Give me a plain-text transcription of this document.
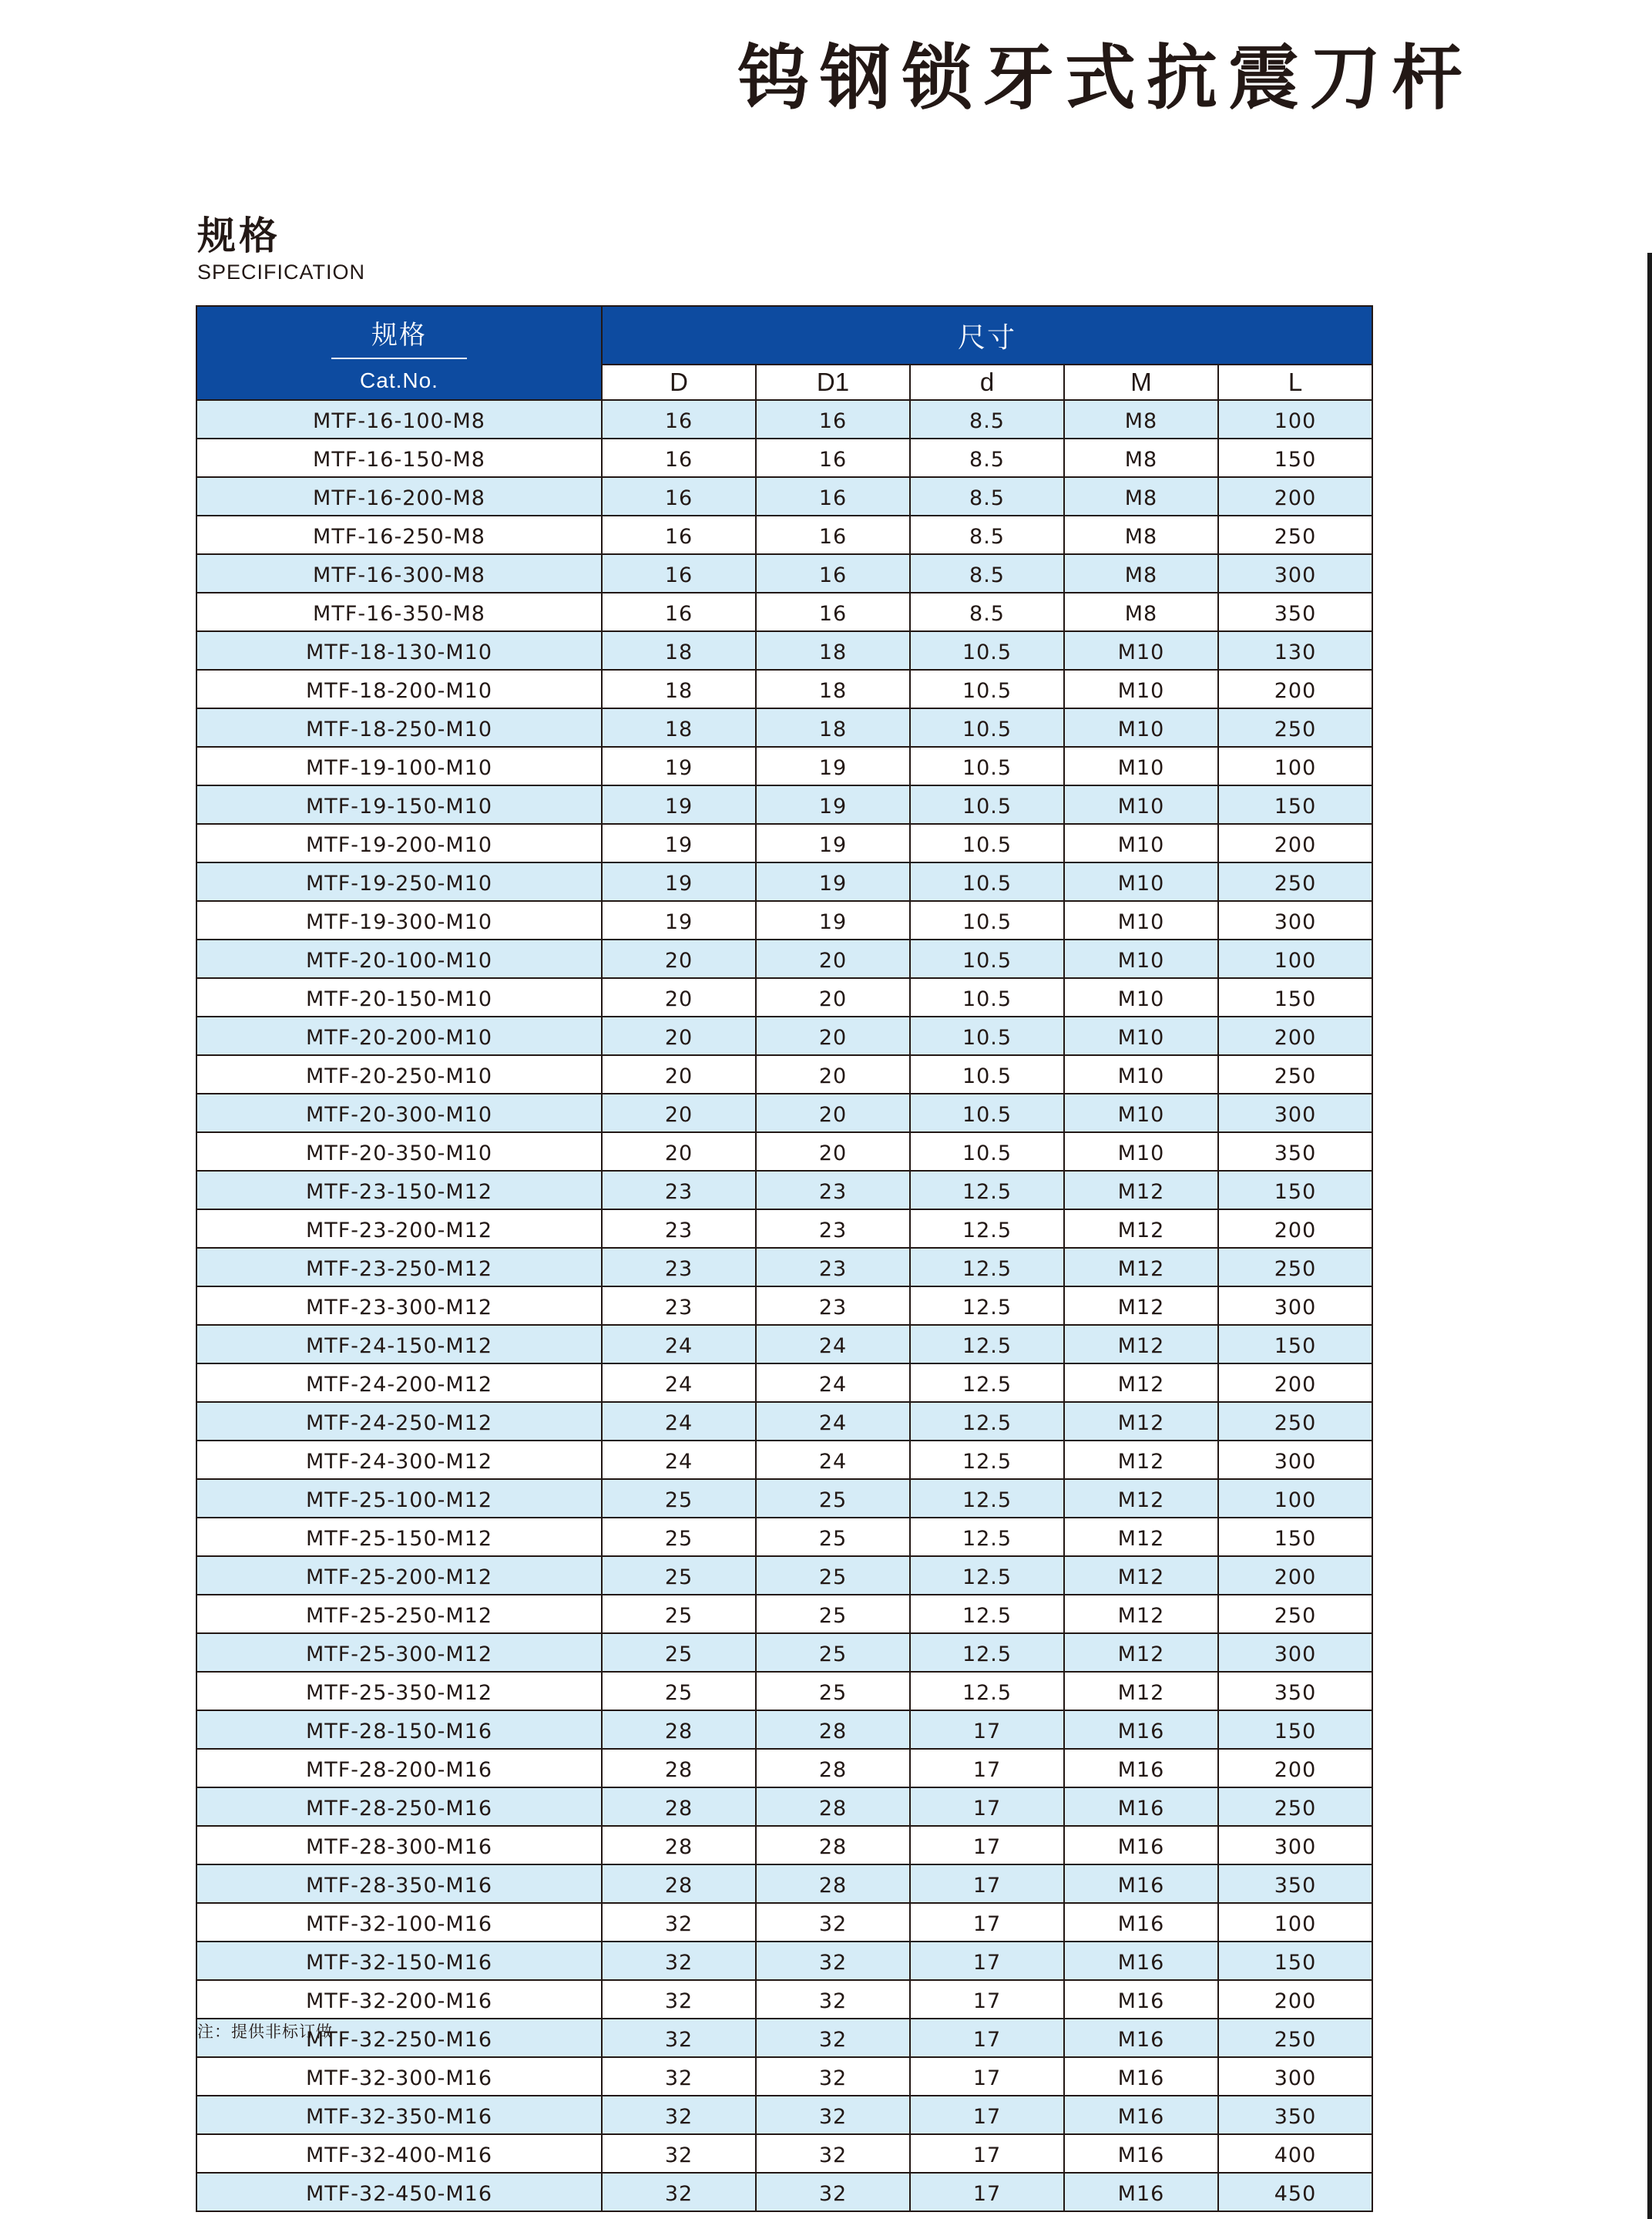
钨钢锁牙式抗震刀杆
规格
SPECIFICATION
规格
Cat.No.	尺寸				
	D	D1	d	M	L
MTF-16-100-M8	16	16	8.5	M8	100
MTF-16-150-M8	16	16	8.5	M8	150
MTF-16-200-M8	16	16	8.5	M8	200
MTF-16-250-M8	16	16	8.5	M8	250
MTF-16-300-M8	16	16	8.5	M8	300
MTF-16-350-M8	16	16	8.5	M8	350
MTF-18-130-M10	18	18	10.5	M10	130
MTF-18-200-M10	18	18	10.5	M10	200
MTF-18-250-M10	18	18	10.5	M10	250
MTF-19-100-M10	19	19	10.5	M10	100
MTF-19-150-M10	19	19	10.5	M10	150
MTF-19-200-M10	19	19	10.5	M10	200
MTF-19-250-M10	19	19	10.5	M10	250
MTF-19-300-M10	19	19	10.5	M10	300
MTF-20-100-M10	20	20	10.5	M10	100
MTF-20-150-M10	20	20	10.5	M10	150
MTF-20-200-M10	20	20	10.5	M10	200
MTF-20-250-M10	20	20	10.5	M10	250
MTF-20-300-M10	20	20	10.5	M10	300
MTF-20-350-M10	20	20	10.5	M10	350
MTF-23-150-M12	23	23	12.5	M12	150
MTF-23-200-M12	23	23	12.5	M12	200
MTF-23-250-M12	23	23	12.5	M12	250
MTF-23-300-M12	23	23	12.5	M12	300
MTF-24-150-M12	24	24	12.5	M12	150
MTF-24-200-M12	24	24	12.5	M12	200
MTF-24-250-M12	24	24	12.5	M12	250
MTF-24-300-M12	24	24	12.5	M12	300
MTF-25-100-M12	25	25	12.5	M12	100
MTF-25-150-M12	25	25	12.5	M12	150
MTF-25-200-M12	25	25	12.5	M12	200
MTF-25-250-M12	25	25	12.5	M12	250
MTF-25-300-M12	25	25	12.5	M12	300
MTF-25-350-M12	25	25	12.5	M12	350
MTF-28-150-M16	28	28	17	M16	150
MTF-28-200-M16	28	28	17	M16	200
MTF-28-250-M16	28	28	17	M16	250
MTF-28-300-M16	28	28	17	M16	300
MTF-28-350-M16	28	28	17	M16	350
MTF-32-100-M16	32	32	17	M16	100
MTF-32-150-M16	32	32	17	M16	150
MTF-32-200-M16	32	32	17	M16	200
MTF-32-250-M16	32	32	17	M16	250
MTF-32-300-M16	32	32	17	M16	300
MTF-32-350-M16	32	32	17	M16	350
MTF-32-400-M16	32	32	17	M16	400
MTF-32-450-M16	32	32	17	M16	450
注：提供非标订做
